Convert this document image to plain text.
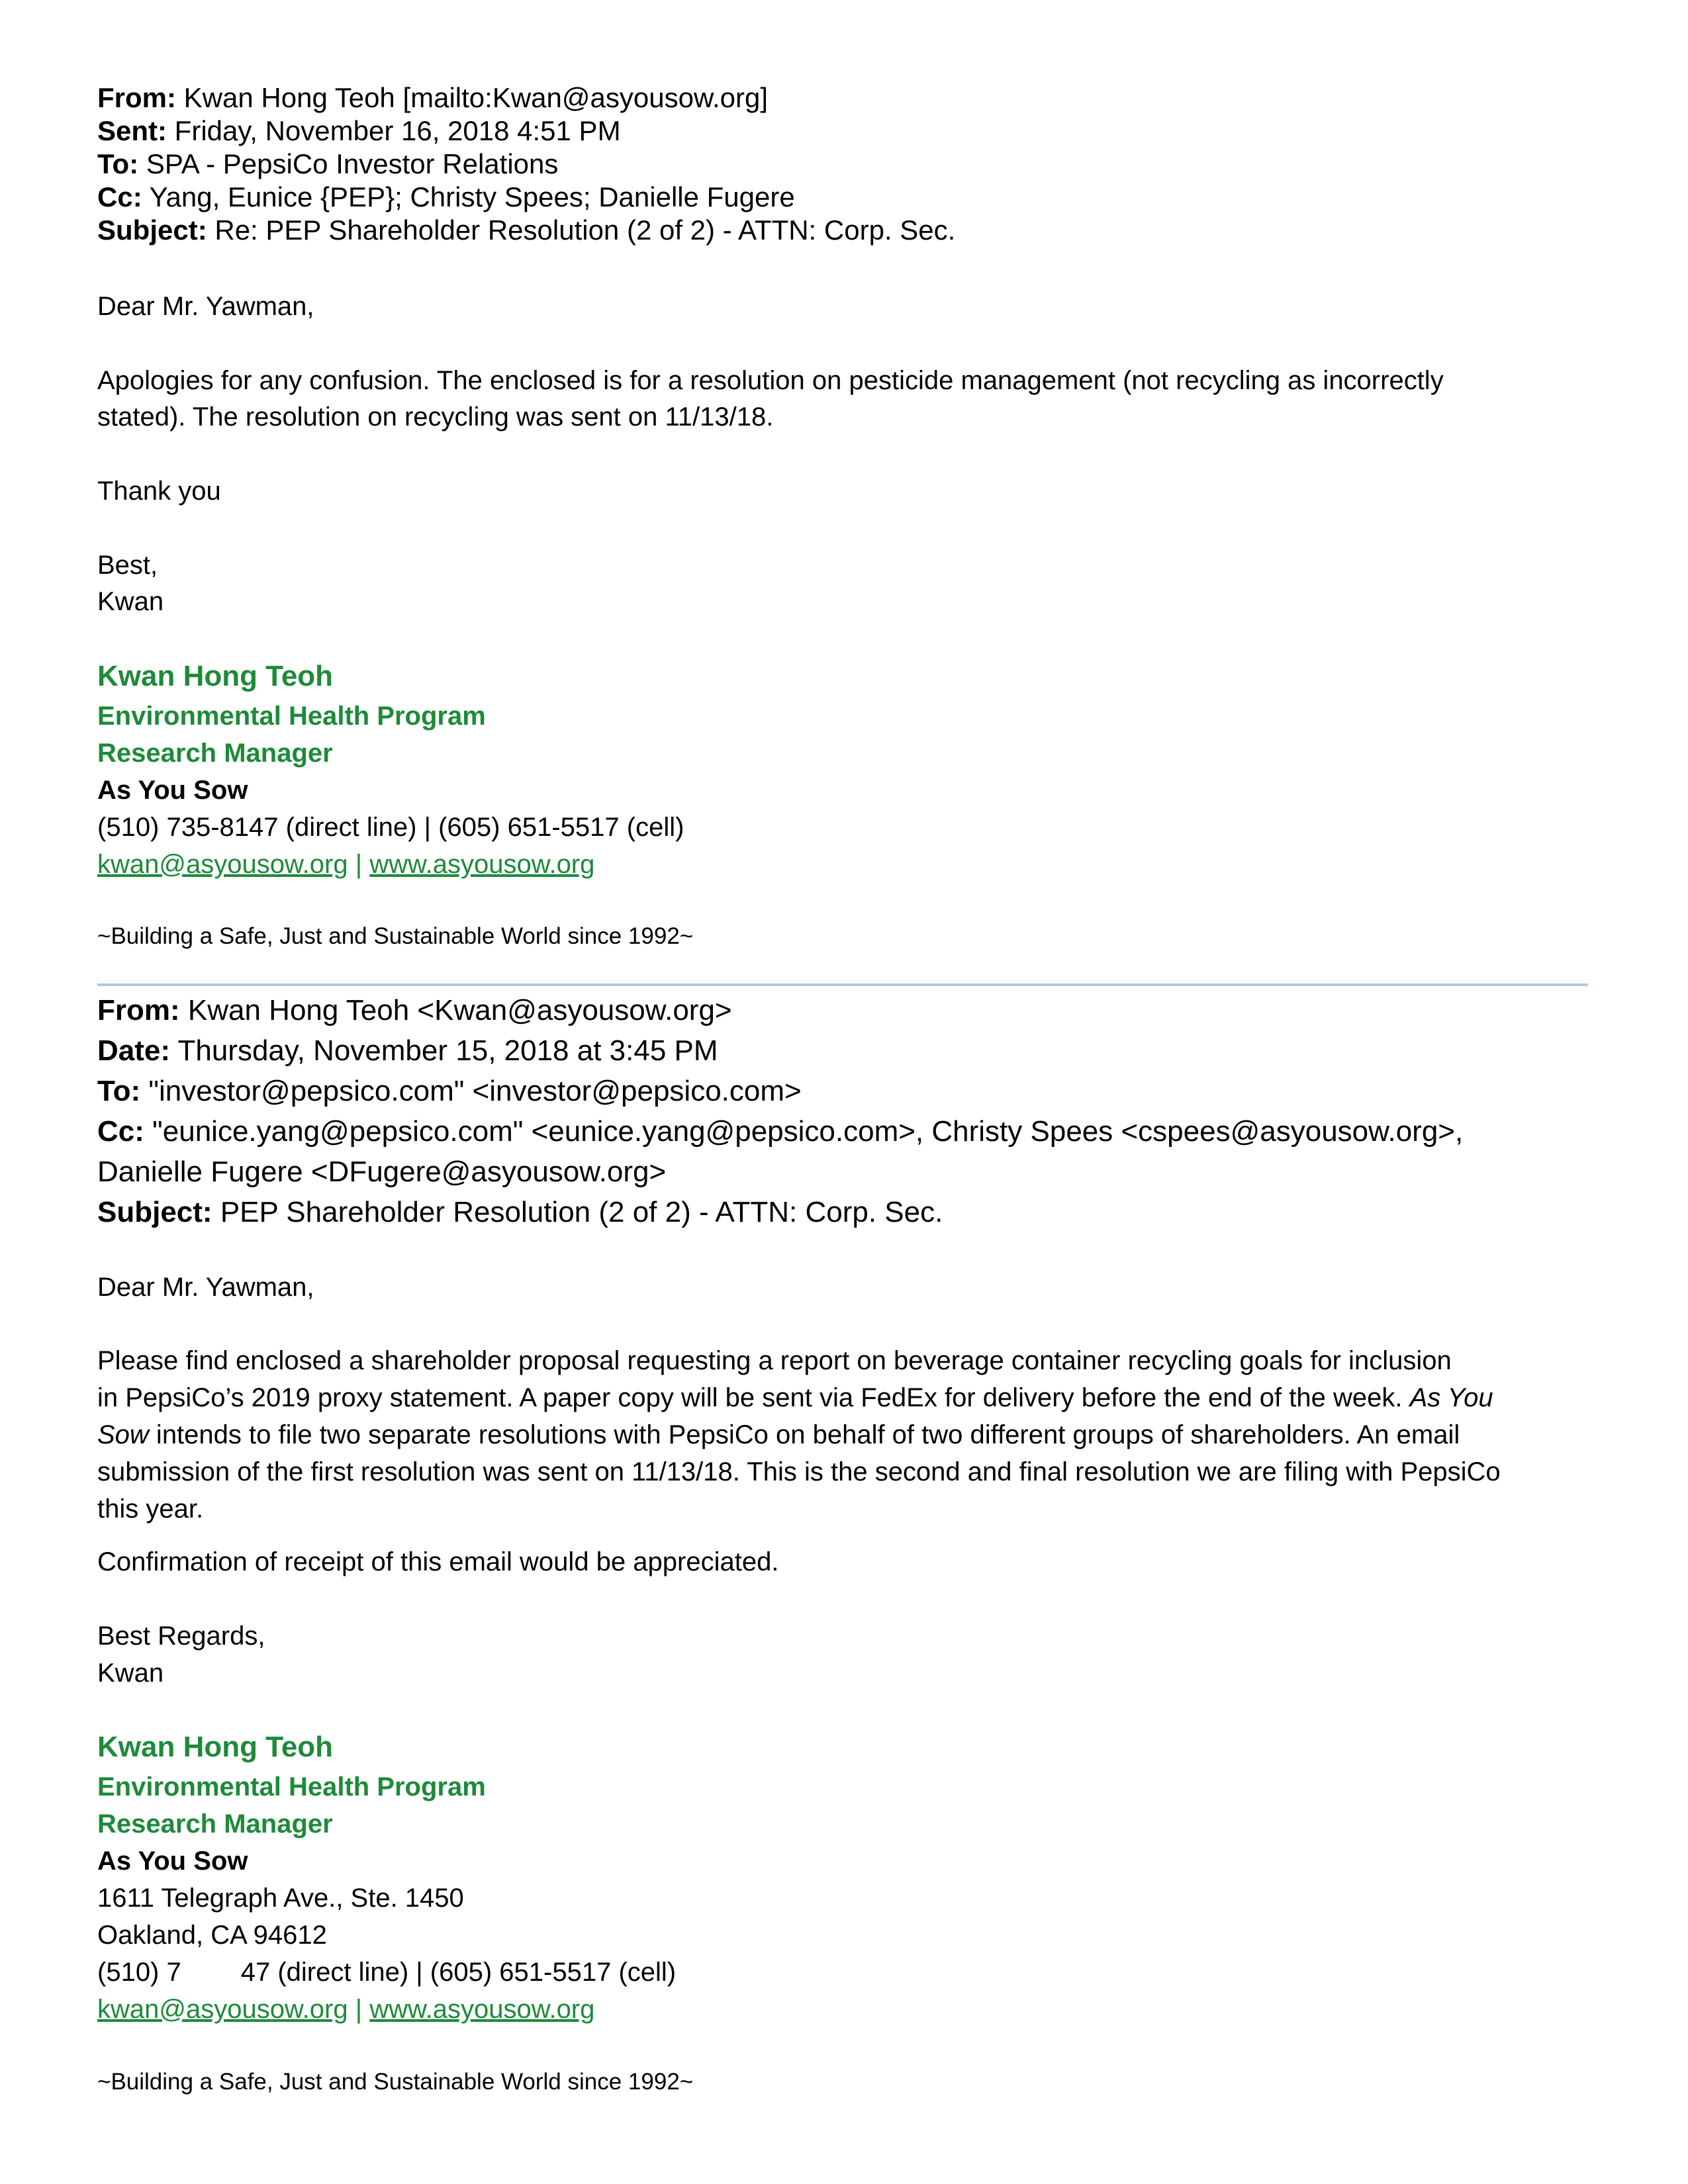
From: Kwan Hong Teoh [mailto:Kwan@asyousow.org]
Sent: Friday, November 16, 2018 4:51 PM
To: SPA - PepsiCo Investor Relations
Cc: Yang, Eunice {PEP}; Christy Spees; Danielle Fugere
Subject: Re: PEP Shareholder Resolution (2 of 2) - ATTN: Corp. Sec.
Dear Mr. Yawman,
Apologies for any confusion. The enclosed is for a resolution on pesticide management (not recycling as incorrectly
stated). The resolution on recycling was sent on 11/13/18.
Thank you
Best,
Kwan
Kwan Hong Teoh
Environmental Health Program
Research Manager
As You Sow
(510) 735-8147 (direct line) | (605) 651-5517 (cell)
kwan@asyousow.org | www.asyousow.org
~Building a Safe, Just and Sustainable World since 1992~
From: Kwan Hong Teoh <Kwan@asyousow.org>
Date: Thursday, November 15, 2018 at 3:45 PM
To: "investor@pepsico.com" <investor@pepsico.com>
Cc: "eunice.yang@pepsico.com" <eunice.yang@pepsico.com>, Christy Spees <cspees@asyousow.org>,
Danielle Fugere <DFugere@asyousow.org>
Subject: PEP Shareholder Resolution (2 of 2) - ATTN: Corp. Sec.
Dear Mr. Yawman,
Please find enclosed a shareholder proposal requesting a report on beverage container recycling goals for inclusion
in PepsiCo’s 2019 proxy statement. A paper copy will be sent via FedEx for delivery before the end of the week. As You
Sow intends to file two separate resolutions with PepsiCo on behalf of two different groups of shareholders. An email
submission of the first resolution was sent on 11/13/18. This is the second and final resolution we are filing with PepsiCo
this year.
Confirmation of receipt of this email would be appreciated.
Best Regards,
Kwan
Kwan Hong Teoh
Environmental Health Program
Research Manager
As You Sow
1611 Telegraph Ave., Ste. 1450
Oakland, CA 94612
(510) 7 47 (direct line) | (605) 651-5517 (cell)
kwan@asyousow.org | www.asyousow.org
~Building a Safe, Just and Sustainable World since 1992~
